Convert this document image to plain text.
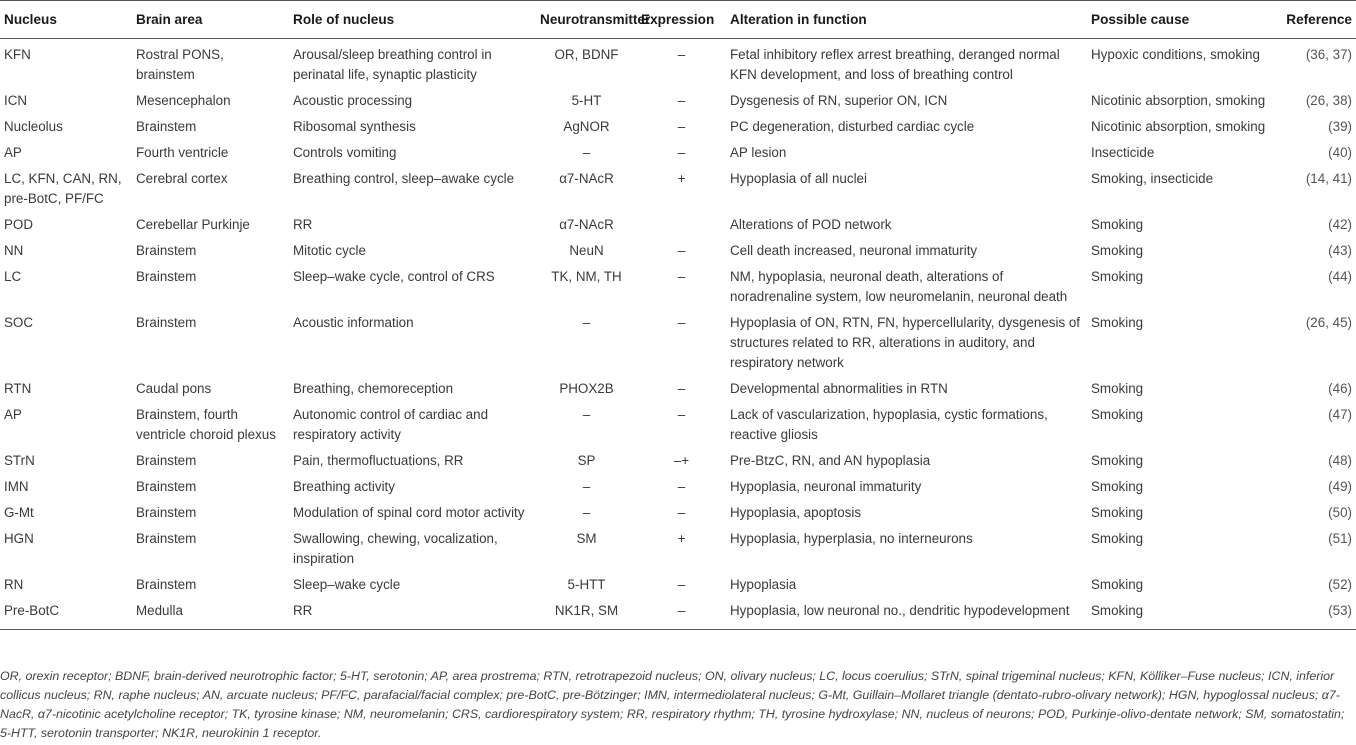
Nucleus	Brain area	Role of nucleus	Neurotransmitter	Expression	Alteration in function	Possible cause	Reference
KFN	Rostral PONS, brainstem	Arousal/sleep breathing control in perinatal life, synaptic plasticity	OR, BDNF	–	Fetal inhibitory reflex arrest breathing, deranged normal KFN development, and loss of breathing control	Hypoxic conditions, smoking	(36, 37)
ICN	Mesencephalon	Acoustic processing	5-HT	–	Dysgenesis of RN, superior ON, ICN	Nicotinic absorption, smoking	(26, 38)
Nucleolus	Brainstem	Ribosomal synthesis	AgNOR	–	PC degeneration, disturbed cardiac cycle	Nicotinic absorption, smoking	(39)
AP	Fourth ventricle	Controls vomiting	–	–	AP lesion	Insecticide	(40)
LC, KFN, CAN, RN, pre-BotC, PF/FC	Cerebral cortex	Breathing control, sleep–awake cycle	α7-NAcR	+	Hypoplasia of all nuclei	Smoking, insecticide	(14, 41)
POD	Cerebellar Purkinje	RR	α7-NAcR		Alterations of POD network	Smoking	(42)
NN	Brainstem	Mitotic cycle	NeuN	–	Cell death increased, neuronal immaturity	Smoking	(43)
LC	Brainstem	Sleep–wake cycle, control of CRS	TK, NM, TH	–	NM, hypoplasia, neuronal death, alterations of noradrenaline system, low neuromelanin, neuronal death	Smoking	(44)
SOC	Brainstem	Acoustic information	–	–	Hypoplasia of ON, RTN, FN, hypercellularity, dysgenesis of structures related to RR, alterations in auditory, and respiratory network	Smoking	(26, 45)
RTN	Caudal pons	Breathing, chemoreception	PHOX2B	–	Developmental abnormalities in RTN	Smoking	(46)
AP	Brainstem, fourth ventricle choroid plexus	Autonomic control of cardiac and respiratory activity	–	–	Lack of vascularization, hypoplasia, cystic formations, reactive gliosis	Smoking	(47)
STrN	Brainstem	Pain, thermofluctuations, RR	SP	–+	Pre-BtzC, RN, and AN hypoplasia	Smoking	(48)
IMN	Brainstem	Breathing activity	–	–	Hypoplasia, neuronal immaturity	Smoking	(49)
G-Mt	Brainstem	Modulation of spinal cord motor activity	–	–	Hypoplasia, apoptosis	Smoking	(50)
HGN	Brainstem	Swallowing, chewing, vocalization, inspiration	SM	+	Hypoplasia, hyperplasia, no interneurons	Smoking	(51)
RN	Brainstem	Sleep–wake cycle	5-HTT	–	Hypoplasia	Smoking	(52)
Pre-BotC	Medulla	RR	NK1R, SM	–	Hypoplasia, low neuronal no., dendritic hypodevelopment	Smoking	(53)
OR, orexin receptor; BDNF, brain-derived neurotrophic factor; 5-HT, serotonin; AP, area prostrema; RTN, retrotrapezoid nucleus; ON, olivary nucleus; LC, locus coerulius; STrN, spinal trigeminal nucleus; KFN, Kölliker–Fuse nucleus; ICN, inferior collicus nucleus; RN, raphe nucleus; AN, arcuate nucleus; PF/FC, parafacial/facial complex; pre-BotC, pre-Bötzinger; IMN, intermediolateral nucleus; G-Mt, Guillain–Mollaret triangle (dentato-rubro-olivary network); HGN, hypoglossal nucleus; α7-NacR, α7-nicotinic acetylcholine receptor; TK, tyrosine kinase; NM, neuromelanin; CRS, cardiorespiratory system; RR, respiratory rhythm; TH, tyrosine hydroxylase; NN, nucleus of neurons; POD, Purkinje-olivo-dentate network; SM, somatostatin; 5-HTT, serotonin transporter; NK1R, neurokinin 1 receptor.
